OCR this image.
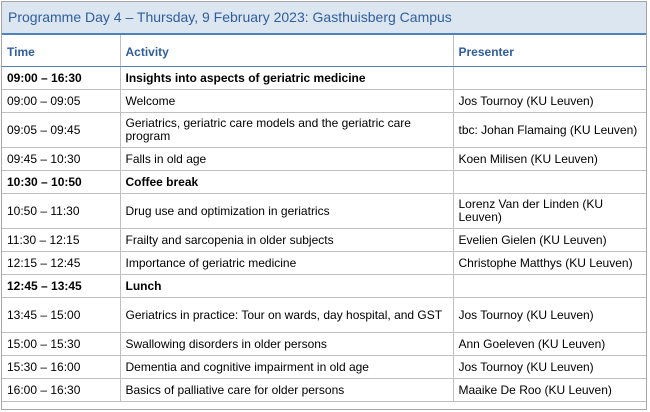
Programme Day 4 – Thursday, 9 February 2023: Gasthuisberg Campus
Time	Activity	Presenter
09:00 – 16:30	Insights into aspects of geriatric medicine	
09:00 – 09:05	Welcome	Jos Tournoy (KU Leuven)
09:05 – 09:45	Geriatrics, geriatric care models and the geriatric care program	tbc: Johan Flamaing (KU Leuven)
09:45 – 10:30	Falls in old age	Koen Milisen (KU Leuven)
10:30 – 10:50	Coffee break	
10:50 – 11:30	Drug use and optimization in geriatrics	Lorenz Van der Linden (KU Leuven)
11:30 – 12:15	Frailty and sarcopenia in older subjects	Evelien Gielen (KU Leuven)
12:15 – 12:45	Importance of geriatric medicine	Christophe Matthys (KU Leuven)
12:45 – 13:45	Lunch	
13:45 – 15:00	Geriatrics in practice: Tour on wards, day hospital, and GST	Jos Tournoy (KU Leuven)
15:00 – 15:30	Swallowing disorders in older persons	Ann Goeleven (KU Leuven)
15:30 – 16:00	Dementia and cognitive impairment in old age	Jos Tournoy (KU Leuven)
16:00 – 16:30	Basics of palliative care for older persons	Maaike De Roo (KU Leuven)
